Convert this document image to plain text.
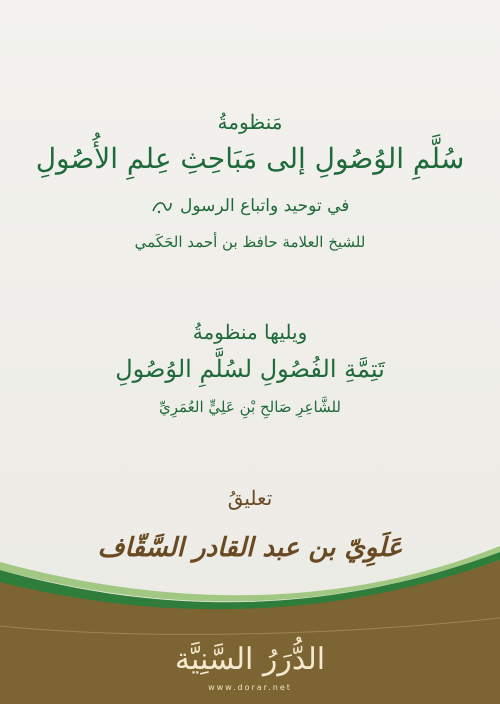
مَنظومةُ
سُلَّمِ الوُصُولِ إلى مَبَاحِثِ عِلمِ الأُصُولِ
في توحيد واتباع الرسول
للشيخ العلامة حافظ بن أحمد الحَكَمي
ويليها منظومةُ
تَتِمَّةِ الفُصُولِ لسُلَّمِ الوُصُولِ
للشَّاعِرِ صَالحِ بْنِ عَلِيٍّ العُمَرِيِّ
تعليقُ
عَلَوِيّ بن عبد القادر السَّقّاف
الدُّرَرُ السَّنِيَّة
www.dorar.net
